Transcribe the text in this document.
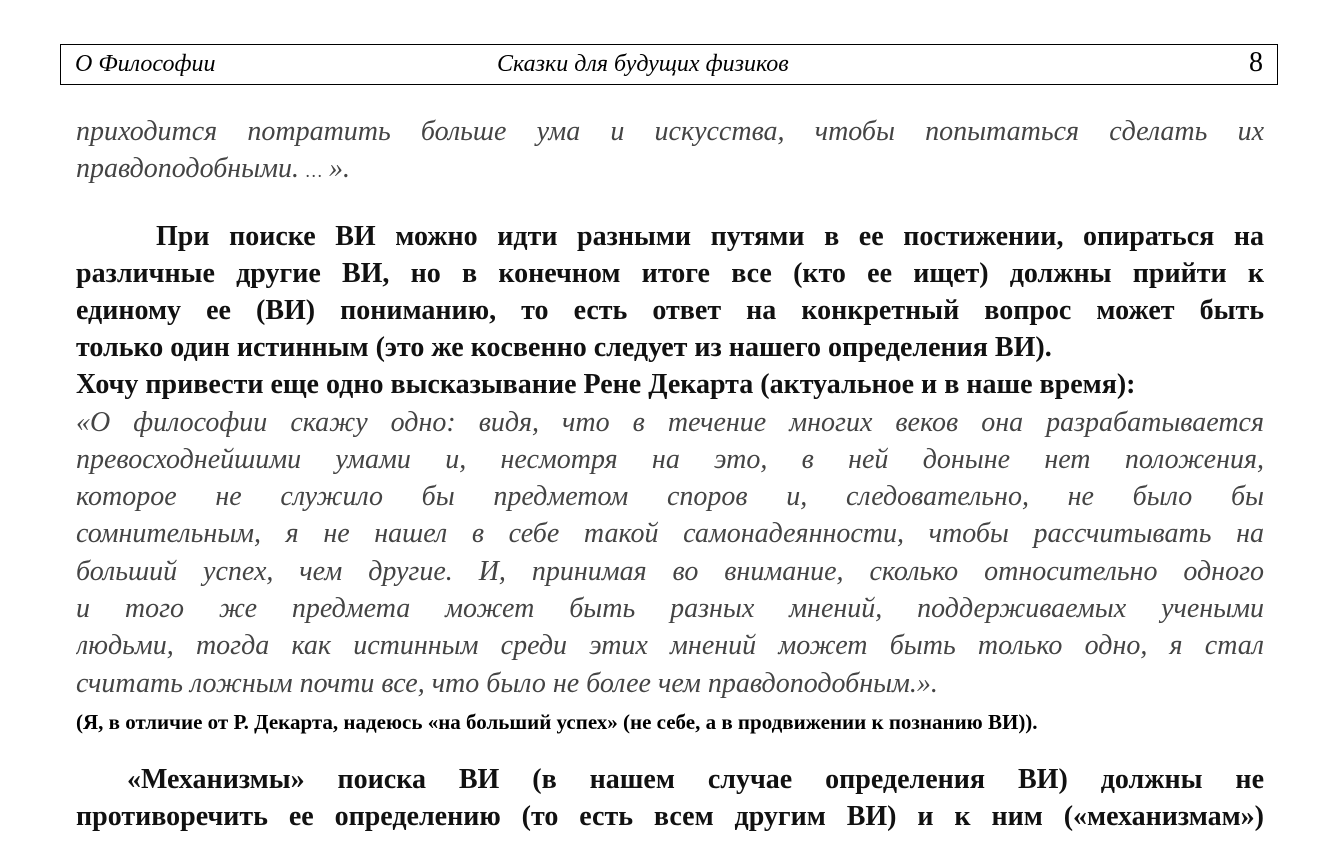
О Философии	Сказки для будущих физиков	8
приходится потратить больше ума и искусства, чтобы попытаться сделать их
правдоподобными. … ».
При поиске ВИ можно идти разными путями в ее постижении, опираться на
различные другие ВИ, но в конечном итоге все (кто ее ищет) должны прийти к
единому ее (ВИ) пониманию, то есть ответ на конкретный вопрос может быть
только один истинным (это же косвенно следует из нашего определения ВИ).
Хочу привести еще одно высказывание Рене Декарта (актуальное и в наше время):
«О философии скажу одно: видя, что в течение многих веков она разрабатывается
превосходнейшими умами и, несмотря на это, в ней доныне нет положения,
которое не служило бы предметом споров и, следовательно, не было бы
сомнительным, я не нашел в себе такой самонадеянности, чтобы рассчитывать на
больший успех, чем другие. И, принимая во внимание, сколько относительно одного
и того же предмета может быть разных мнений, поддерживаемых учеными
людьми, тогда как истинным среди этих мнений может быть только одно, я стал
считать ложным почти все, что было не более чем правдоподобным.».
(Я, в отличие от Р. Декарта, надеюсь «на больший успех» (не себе, а в продвижении к познанию ВИ)).
«Механизмы» поиска ВИ (в нашем случае определения ВИ) должны не
противоречить ее определению (то есть всем другим ВИ) и к ним («механизмам»)
